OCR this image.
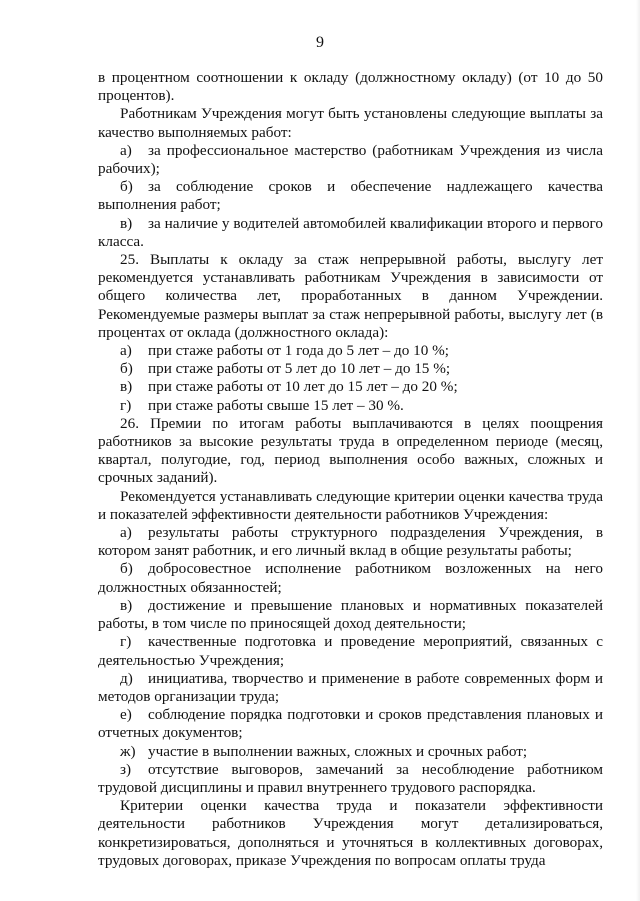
9

в процентном соотношении к окладу (должностному окладу) (от 10 до 50 процентов).

Работникам Учреждения могут быть установлены следующие выплаты за качество выполняемых работ:

а) за профессиональное мастерство (работникам Учреждения из числа рабочих);

б) за соблюдение сроков и обеспечение надлежащего качества выполнения работ;

в) за наличие у водителей автомобилей квалификации второго и первого класса.

25. Выплаты к окладу за стаж непрерывной работы, выслугу лет рекомендуется устанавливать работникам Учреждения в зависимости от общего количества лет, проработанных в данном Учреждении. Рекомендуемые размеры выплат за стаж непрерывной работы, выслугу лет (в процентах от оклада (должностного оклада):

а) при стаже работы от 1 года до 5 лет – до 10 %;

б) при стаже работы от 5 лет до 10 лет – до 15 %;

в) при стаже работы от 10 лет до 15 лет – до 20 %;

г) при стаже работы свыше 15 лет – 30 %.

26. Премии по итогам работы выплачиваются в целях поощрения работников за высокие результаты труда в определенном периоде (месяц, квартал, полугодие, год, период выполнения особо важных, сложных и срочных заданий).

Рекомендуется устанавливать следующие критерии оценки качества труда и показателей эффективности деятельности работников Учреждения:

а) результаты работы структурного подразделения Учреждения, в котором занят работник, и его личный вклад в общие результаты работы;

б) добросовестное исполнение работником возложенных на него должностных обязанностей;

в) достижение и превышение плановых и нормативных показателей работы, в том числе по приносящей доход деятельности;

г) качественные подготовка и проведение мероприятий, связанных с деятельностью Учреждения;

д) инициатива, творчество и применение в работе современных форм и методов организации труда;

е) соблюдение порядка подготовки и сроков представления плановых и отчетных документов;

ж) участие в выполнении важных, сложных и срочных работ;

з) отсутствие выговоров, замечаний за несоблюдение работником трудовой дисциплины и правил внутреннего трудового распорядка.

Критерии оценки качества труда и показатели эффективности деятельности работников Учреждения могут детализироваться, конкретизироваться, дополняться и уточняться в коллективных договорах, трудовых договорах, приказе Учреждения по вопросам оплаты труда
